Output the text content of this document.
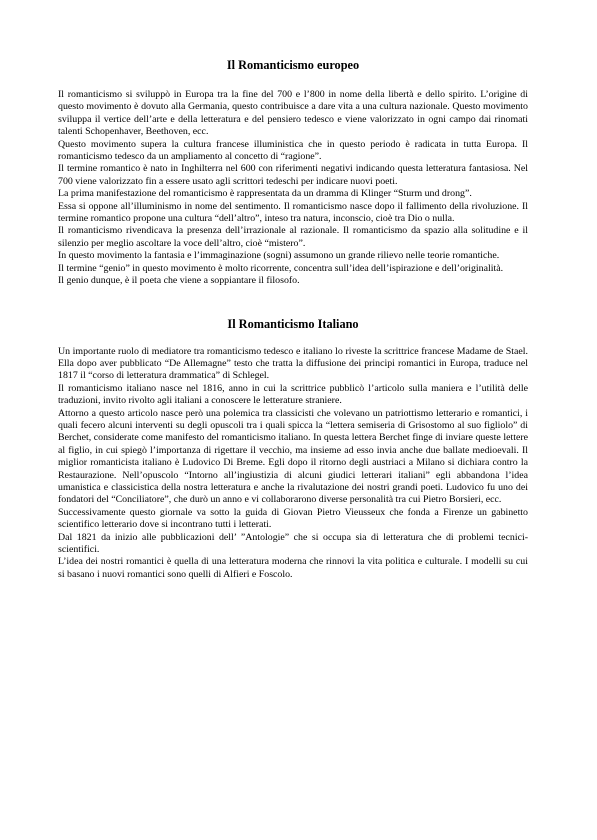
Il Romanticismo europeo

Il romanticismo si sviluppò in Europa tra la fine del 700 e l’800 in nome della libertà e dello spirito. L’origine di questo movimento è dovuto alla Germania, questo contribuisce a dare vita a una cultura nazionale. Questo movimento sviluppa il vertice dell’arte e della letteratura e del pensiero tedesco e viene valorizzato in ogni campo dai rinomati talenti Schopenhaver, Beethoven, ecc.

Questo movimento supera la cultura francese illuministica che in questo periodo è radicata in tutta Europa. Il romanticismo tedesco da un ampliamento al concetto di “ragione”.

Il termine romantico è nato in Inghilterra nel 600 con riferimenti negativi indicando questa letteratura fantasiosa. Nel 700 viene valorizzato fin a essere usato agli scrittori tedeschi per indicare nuovi poeti.

La prima manifestazione del romanticismo è rappresentata da un dramma di Klinger “Sturm und drong”.

Essa si oppone all’illuminismo in nome del sentimento. Il romanticismo nasce dopo il fallimento della rivoluzione. Il termine romantico propone una cultura “dell’altro”, inteso tra natura, inconscio, cioè tra Dio o nulla.

Il romanticismo rivendicava la presenza dell’irrazionale al razionale. Il romanticismo da spazio alla solitudine e il silenzio per meglio ascoltare la voce dell’altro, cioè “mistero”.

In questo movimento la fantasia e l’immaginazione (sogni) assumono un grande rilievo nelle teorie romantiche.

Il termine “genio” in questo movimento è molto ricorrente, concentra sull’idea dell’ispirazione e dell’originalità.

Il genio dunque, è il poeta che viene a soppiantare il filosofo.

Il Romanticismo Italiano

Un importante ruolo di mediatore tra romanticismo tedesco e italiano lo riveste la scrittrice francese Madame de Stael. Ella dopo aver pubblicato “De Allemagne” testo che tratta la diffusione dei principi romantici in Europa, traduce nel 1817 il “corso di letteratura drammatica” di Schlegel.

Il romanticismo italiano nasce nel 1816, anno in cui la scrittrice pubblicò l’articolo sulla maniera e l’utilità delle traduzioni, invito rivolto agli italiani a conoscere le letterature straniere.

Attorno a questo articolo nasce però una polemica tra classicisti che volevano un patriottismo letterario e romantici, i quali fecero alcuni interventi su degli opuscoli tra i quali spicca la “lettera semiseria di Grisostomo al suo figliolo” di Berchet, considerate come manifesto del romanticismo italiano. In questa lettera Berchet finge di inviare queste lettere al figlio, in cui spiegò l’importanza di rigettare il vecchio, ma insieme ad esso invia anche due ballate medioevali. Il miglior romanticista italiano è Ludovico Di Breme. Egli dopo il ritorno degli austriaci a Milano si dichiara contro la Restaurazione. Nell’opuscolo “Intorno all’ingiustizia di alcuni giudici letterari italiani” egli abbandona l’idea umanistica e classicistica della nostra letteratura e anche la rivalutazione dei nostri grandi poeti. Ludovico fu uno dei fondatori del “Conciliatore”, che durò un anno e vi collaborarono diverse personalità tra cui Pietro Borsieri, ecc.

Successivamente questo giornale va sotto la guida di Giovan Pietro Vieusseux che fonda a Firenze un gabinetto scientifico letterario dove si incontrano tutti i letterati.

Dal 1821 da inizio alle pubblicazioni dell’ ”Antologie” che si occupa sia di letteratura che di problemi tecnici-scientifici.

L’idea dei nostri romantici è quella di una letteratura moderna che rinnovi la vita politica e culturale. I modelli su cui si basano i nuovi romantici sono quelli di Alfieri e Foscolo.
